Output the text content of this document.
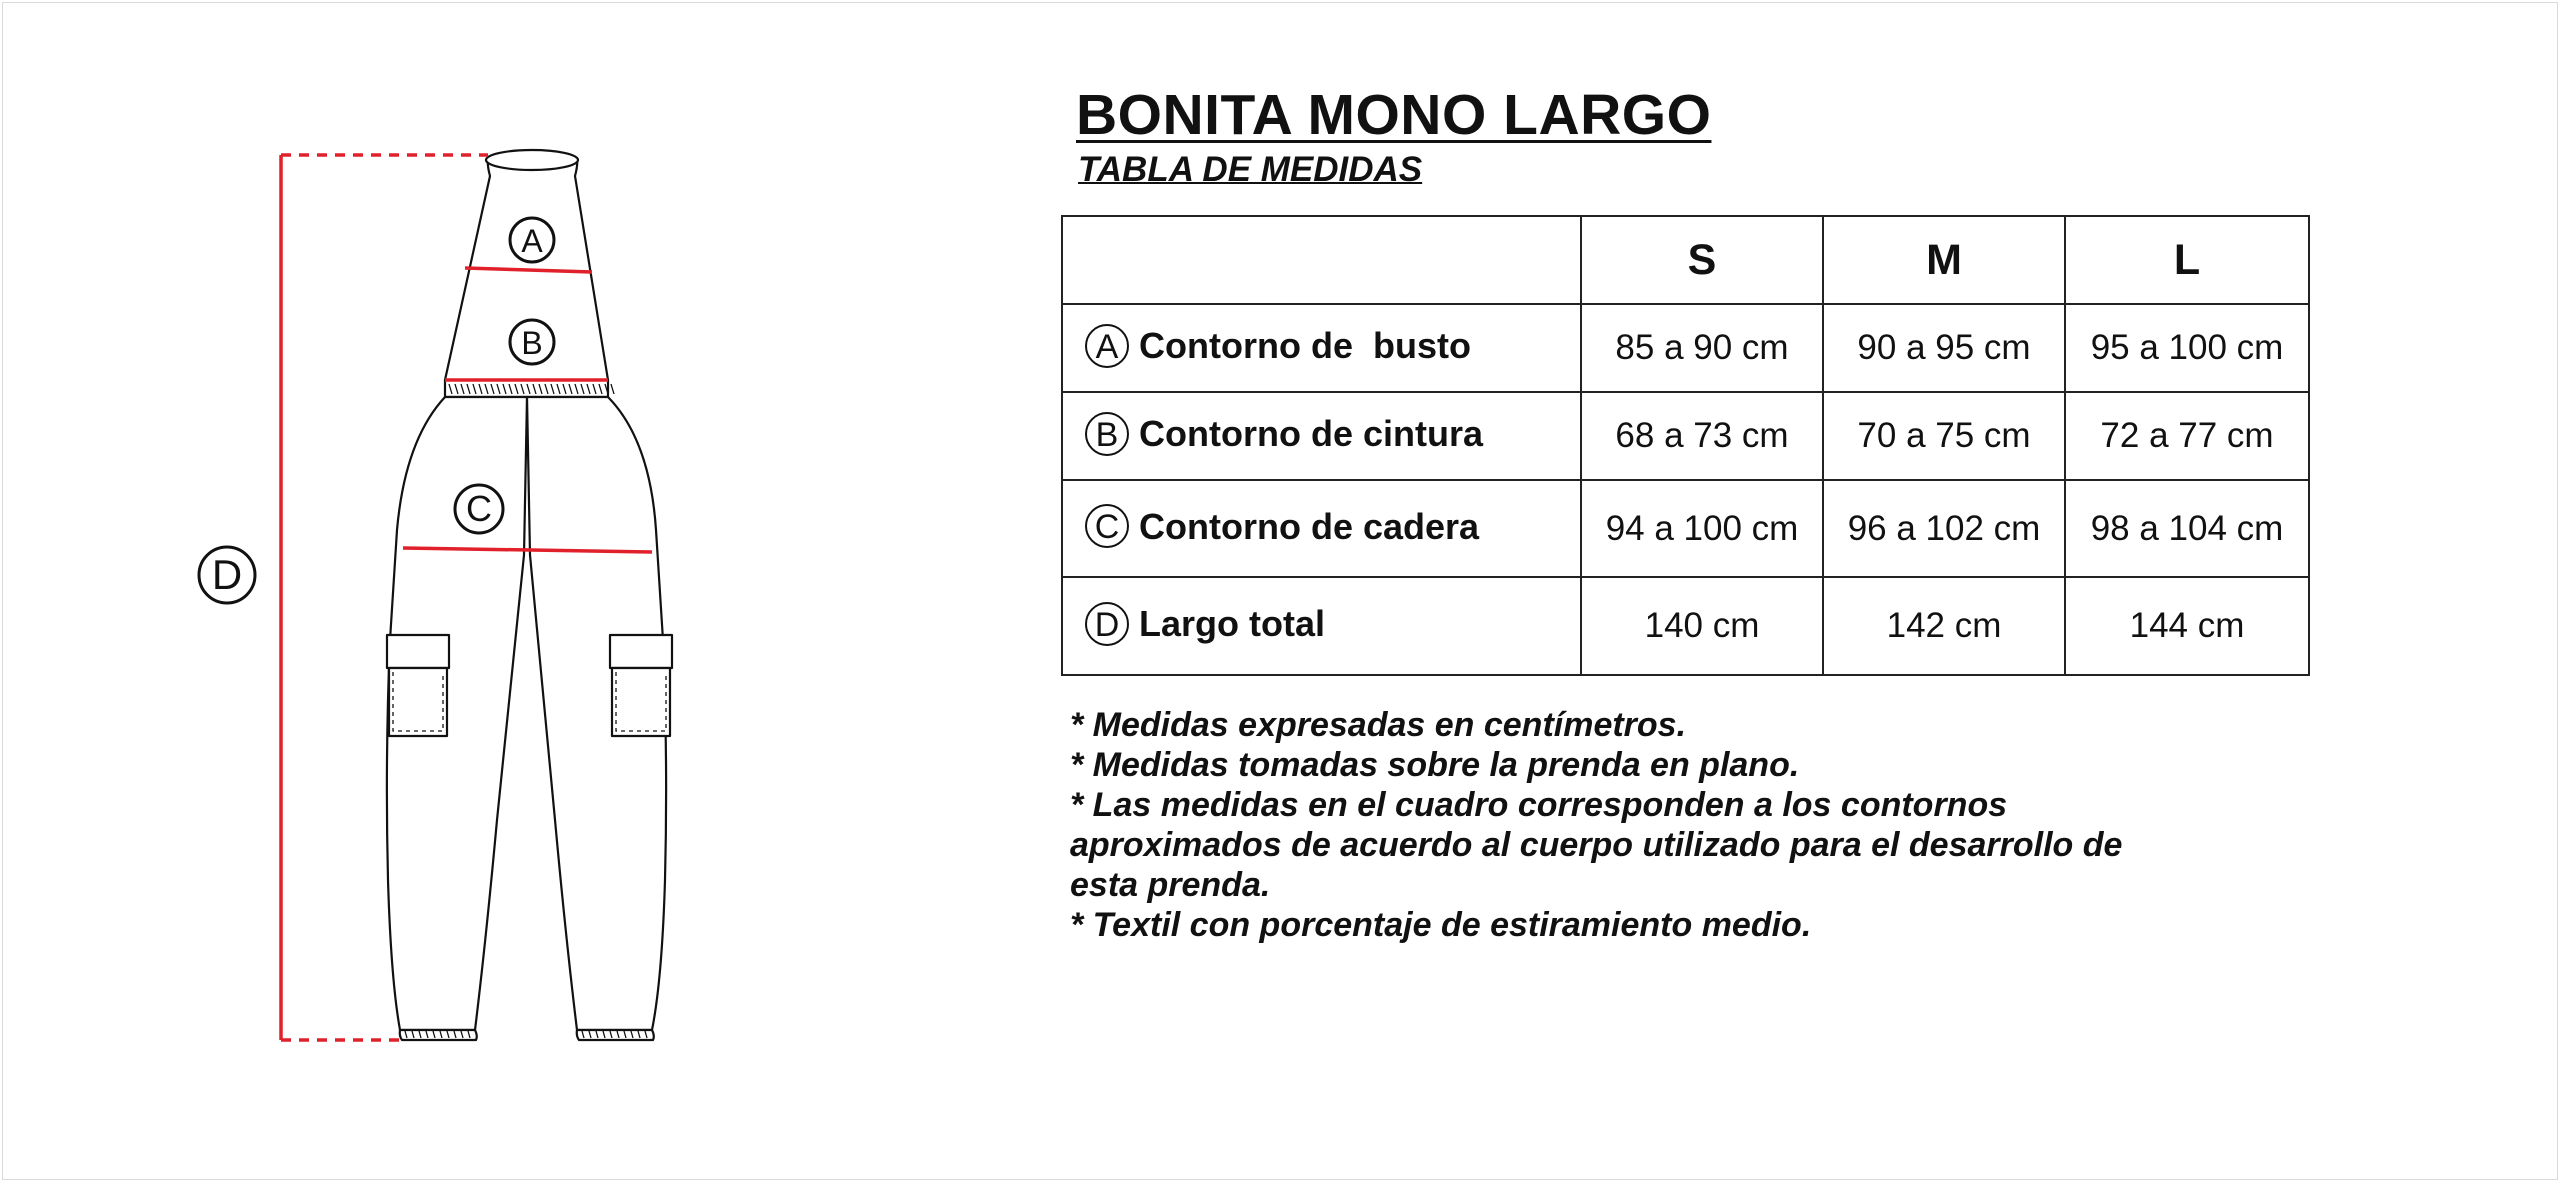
A
B
C
D
BONITA MONO LARGO
TABLA DE MEDIDAS
	S	M	L
A Contorno de  busto	85 a 90 cm	90 a 95 cm	95 a 100 cm
B Contorno de cintura	68 a 73 cm	70 a 75 cm	72 a 77 cm
C Contorno de cadera	94 a 100 cm	96 a 102 cm	98 a 104 cm
D Largo total	140 cm	142 cm	144 cm
* Medidas expresadas en centímetros.
* Medidas tomadas sobre la prenda en plano.
* Las medidas en el cuadro corresponden a los contornos
aproximados de acuerdo al cuerpo utilizado para el desarrollo de
esta prenda.
* Textil con porcentaje de estiramiento medio.
